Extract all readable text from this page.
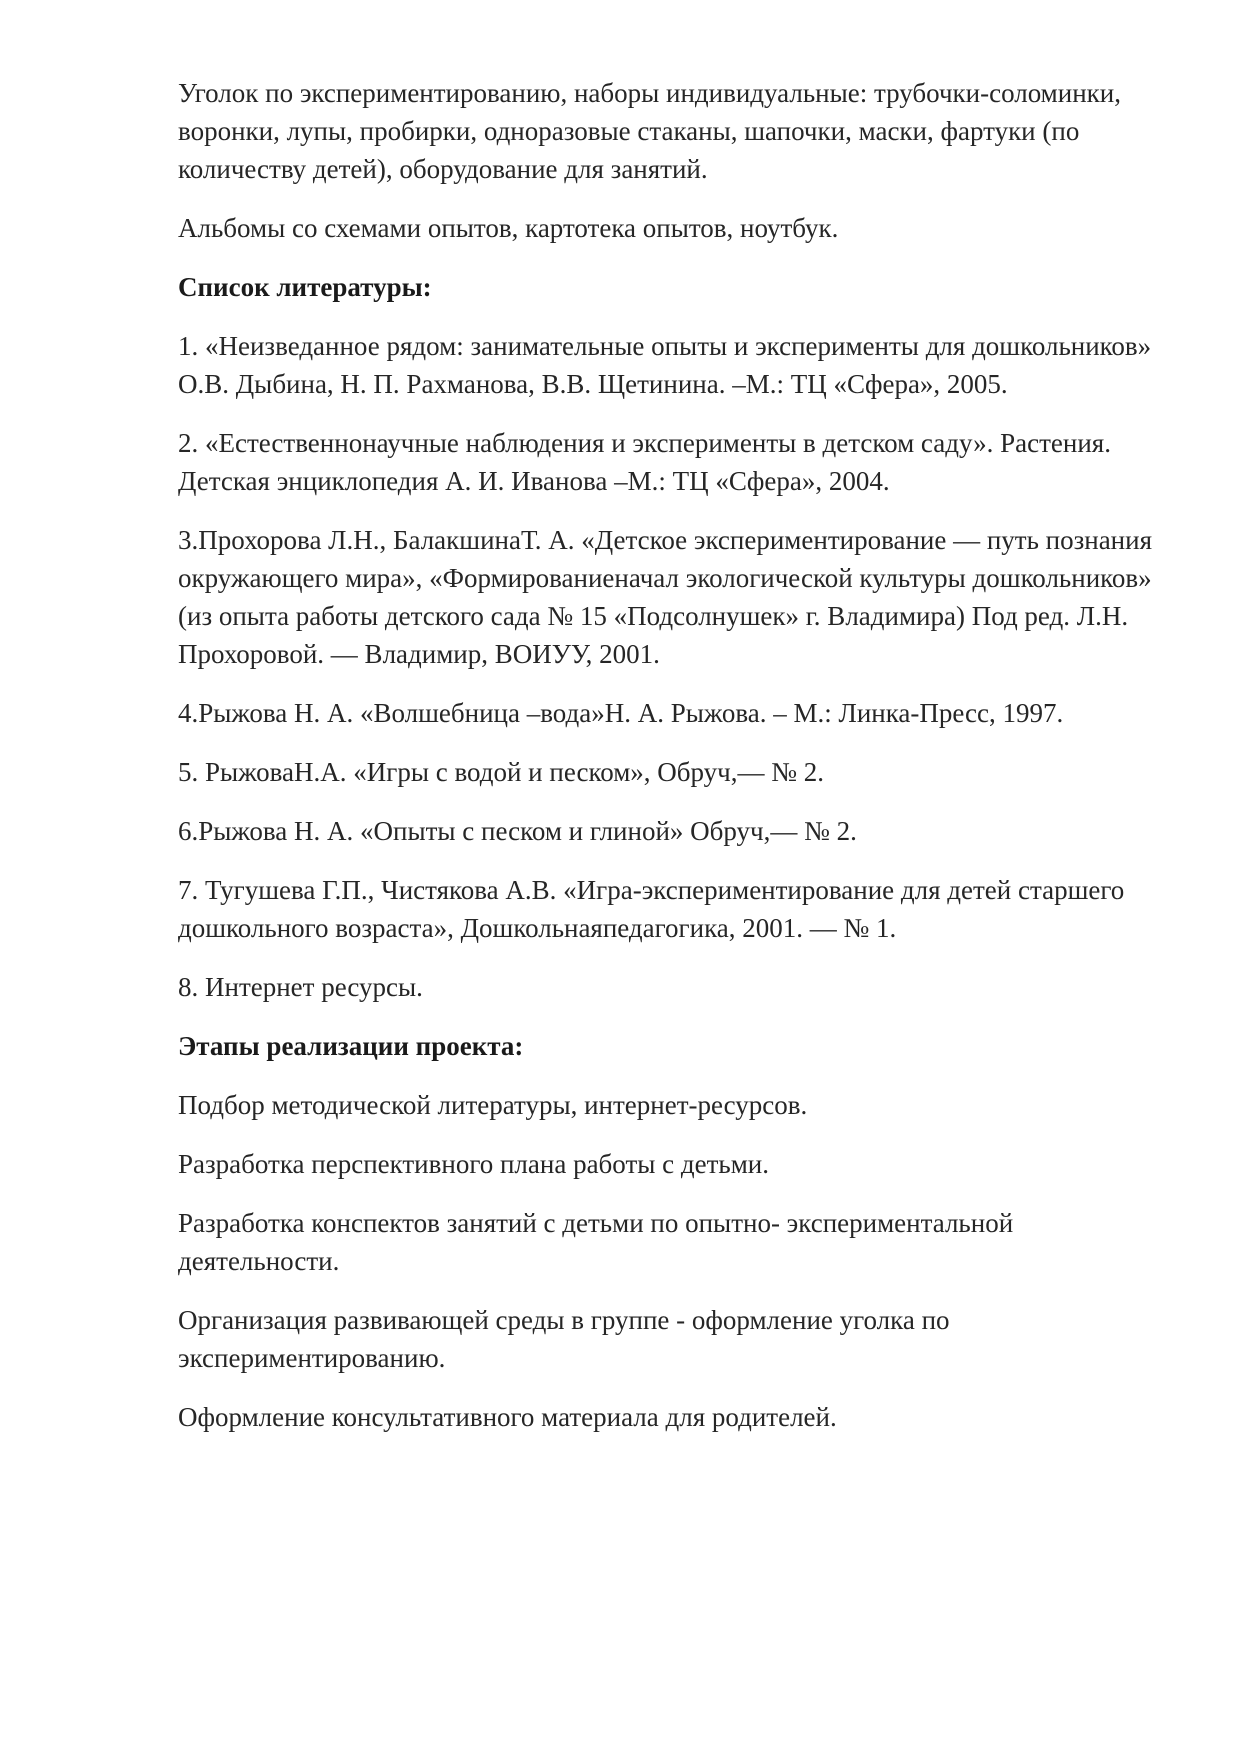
Уголок по экспериментированию, наборы индивидуальные: трубочки-соломинки, воронки, лупы, пробирки, одноразовые стаканы, шапочки, маски, фартуки (по количеству детей), оборудование для занятий.

Альбомы со схемами опытов, картотека опытов, ноутбук.

Список литературы:

1. «Неизведанное рядом: занимательные опыты и эксперименты для дошкольников» О.В. Дыбина, Н. П. Рахманова, В.В. Щетинина. –М.: ТЦ «Сфера», 2005.

2. «Естественнонаучные наблюдения и эксперименты в детском саду». Растения. Детская энциклопедия А. И. Иванова –М.: ТЦ «Сфера», 2004.

3.Прохорова Л.Н., БалакшинаТ. А. «Детское экспериментирование — путь познания окружающего мира», «Формированиеначал экологической культуры дошкольников» (из опыта работы детского сада № 15 «Подсолнушек» г. Владимира) Под ред. Л.Н. Прохоровой. — Владимир, ВОИУУ, 2001.

4.Рыжова Н. А. «Волшебница –вода»Н. А. Рыжова. – М.: Линка-Пресс, 1997.

5. РыжоваН.А. «Игры с водой и песком», Обруч,— № 2.

6.Рыжова Н. А. «Опыты с песком и глиной» Обруч,— № 2.

7. Тугушева Г.П., Чистякова А.В. «Игра-экспериментирование для детей старшего дошкольного возраста», Дошкольнаяпедагогика, 2001. — № 1.

8. Интернет ресурсы.

Этапы реализации проекта:

Подбор методической литературы, интернет-ресурсов.

Разработка перспективного плана работы с детьми.

Разработка конспектов занятий с детьми по опытно- экспериментальной деятельности.

Организация развивающей среды в группе - оформление уголка по экспериментированию.

Оформление консультативного материала для родителей.
